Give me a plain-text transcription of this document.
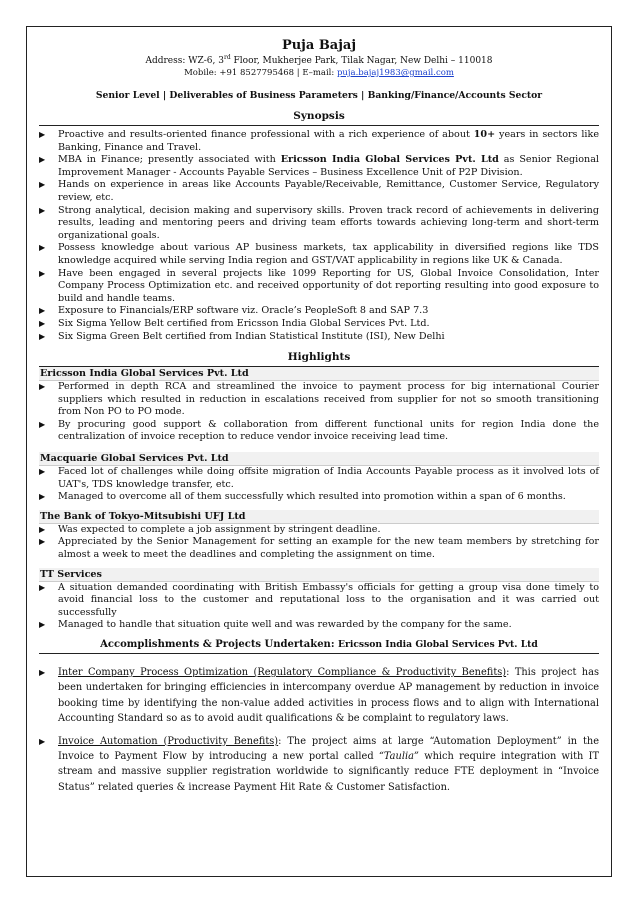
Puja Bajaj
Address: WZ-6, 3rd Floor, Mukherjee Park, Tilak Nagar, New Delhi – 110018
Mobile: +91 8527795468 | E–mail: puja.bajaj1983@gmail.com
Senior Level | Deliverables of Business Parameters | Banking/Finance/Accounts Sector
Synopsis
▶ Proactive and results-oriented finance professional with a rich experience of about 10+ years in sectors like Banking, Finance and Travel.
▶ MBA in Finance; presently associated with Ericsson India Global Services Pvt. Ltd as Senior Regional Improvement Manager - Accounts Payable Services – Business Excellence Unit of P2P Division.
▶ Hands on experience in areas like Accounts Payable/Receivable, Remittance, Customer Service, Regulatory review, etc.
▶ Strong analytical, decision making and supervisory skills. Proven track record of achievements in delivering results, leading and mentoring peers and driving team efforts towards achieving long-term and short-term organizational goals.
▶ Possess knowledge about various AP business markets, tax applicability in diversified regions like TDS knowledge acquired while serving India region and GST/VAT applicability in regions like UK & Canada.
▶ Have been engaged in several projects like 1099 Reporting for US, Global Invoice Consolidation, Inter Company Process Optimization etc. and received opportunity of dot reporting resulting into good exposure to build and handle teams.
▶ Exposure to Financials/ERP software viz. Oracle’s PeopleSoft 8 and SAP 7.3
▶ Six Sigma Yellow Belt certified from Ericsson India Global Services Pvt. Ltd.
▶ Six Sigma Green Belt certified from Indian Statistical Institute (ISI), New Delhi
Highlights
Ericsson India Global Services Pvt. Ltd
▶ Performed in depth RCA and streamlined the invoice to payment process for big international Courier suppliers which resulted in reduction in escalations received from supplier for not so smooth transitioning from Non PO to PO mode.
▶ By procuring good support & collaboration from different functional units for region India done the centralization of invoice reception to reduce vendor invoice receiving lead time.
Macquarie Global Services Pvt. Ltd
▶ Faced lot of challenges while doing offsite migration of India Accounts Payable process as it involved lots of UAT's, TDS knowledge transfer, etc.
▶ Managed to overcome all of them successfully which resulted into promotion within a span of 6 months.
The Bank of Tokyo-Mitsubishi UFJ Ltd
▶ Was expected to complete a job assignment by stringent deadline.
▶ Appreciated by the Senior Management for setting an example for the new team members by stretching for almost a week to meet the deadlines and completing the assignment on time.
TT Services
▶ A situation demanded coordinating with British Embassy's officials for getting a group visa done timely to avoid financial loss to the customer and reputational loss to the organisation and it was carried out successfully
▶ Managed to handle that situation quite well and was rewarded by the company for the same.
Accomplishments & Projects Undertaken: Ericsson India Global Services Pvt. Ltd
▶ Inter Company Process Optimization (Regulatory Compliance & Productivity Benefits): This project has been undertaken for bringing efficiencies in intercompany overdue AP management by reduction in invoice booking time by identifying the non-value added activities in process flows and to align with International Accounting Standard so as to avoid audit qualifications & be complaint to regulatory laws.
▶ Invoice Automation (Productivity Benefits): The project aims at large “Automation Deployment” in the Invoice to Payment Flow by introducing a new portal called “Taulia” which require integration with IT stream and massive supplier registration worldwide to significantly reduce FTE deployment in “Invoice Status” related queries & increase Payment Hit Rate & Customer Satisfaction.
